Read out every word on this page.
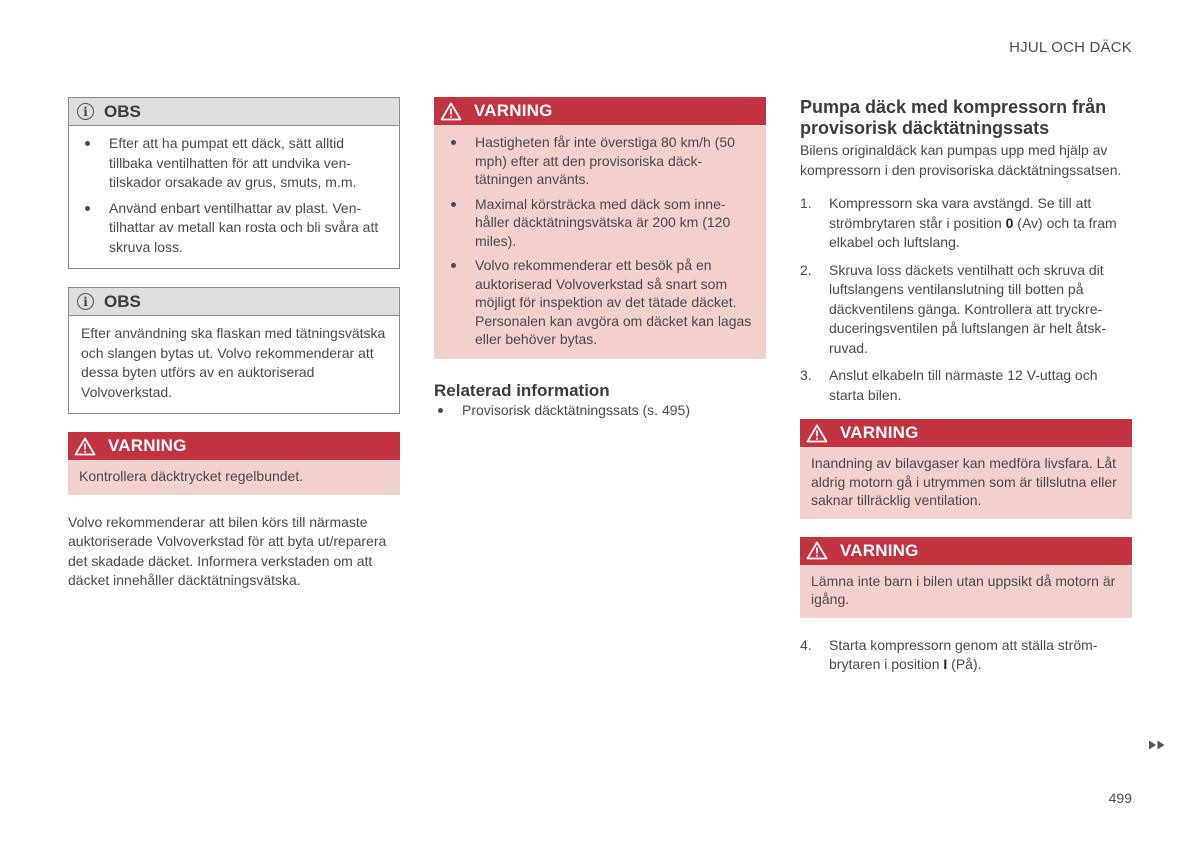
HJUL OCH DÄCK
i OBS
Efter att ha pumpat ett däck, sätt alltid tillbaka ventilhatten för att undvika ventilskador orsakade av grus, smuts, m.m.
Använd enbart ventilhattar av plast. Ventilhattar av metall kan rosta och bli svåra att skruva loss.
i OBS
Efter användning ska flaskan med tätningsvätska och slangen bytas ut. Volvo rekommenderar att dessa byten utförs av en auktoriserad Volvoverkstad.
VARNING
Kontrollera däcktrycket regelbundet.
Volvo rekommenderar att bilen körs till närmaste auktoriserade Volvoverkstad för att byta ut/reparera det skadade däcket. Informera verkstaden om att däcket innehåller däcktätningsvätska.
VARNING
Hastigheten får inte överstiga 80 km/h (50 mph) efter att den provisoriska däcktätningen använts.
Maximal körsträcka med däck som innehåller däcktätningsvätska är 200 km (120 miles).
Volvo rekommenderar ett besök på en auktoriserad Volvoverkstad så snart som möjligt för inspektion av det tätade däcket. Personalen kan avgöra om däcket kan lagas eller behöver bytas.
Relaterad information
Provisorisk däcktätningssats (s. 495)
Pumpa däck med kompressorn från provisorisk däcktätningssats
Bilens originaldäck kan pumpas upp med hjälp av kompressorn i den provisoriska däcktätningssatsen.
1. Kompressorn ska vara avstängd. Se till att strömbrytaren står i position 0 (Av) och ta fram elkabel och luftslang.
2. Skruva loss däckets ventilhatt och skruva dit luftslangens ventilanslutning till botten på däckventilens gänga. Kontrollera att tryckreduceringsventilen på luftslangen är helt åtskruvad.
3. Anslut elkabeln till närmaste 12 V-uttag och starta bilen.
VARNING
Inandning av bilavgaser kan medföra livsfara. Låt aldrig motorn gå i utrymmen som är tillslutna eller saknar tillräcklig ventilation.
VARNING
Lämna inte barn i bilen utan uppsikt då motorn är igång.
4. Starta kompressorn genom att ställa strömbrytaren i position I (På).
499
